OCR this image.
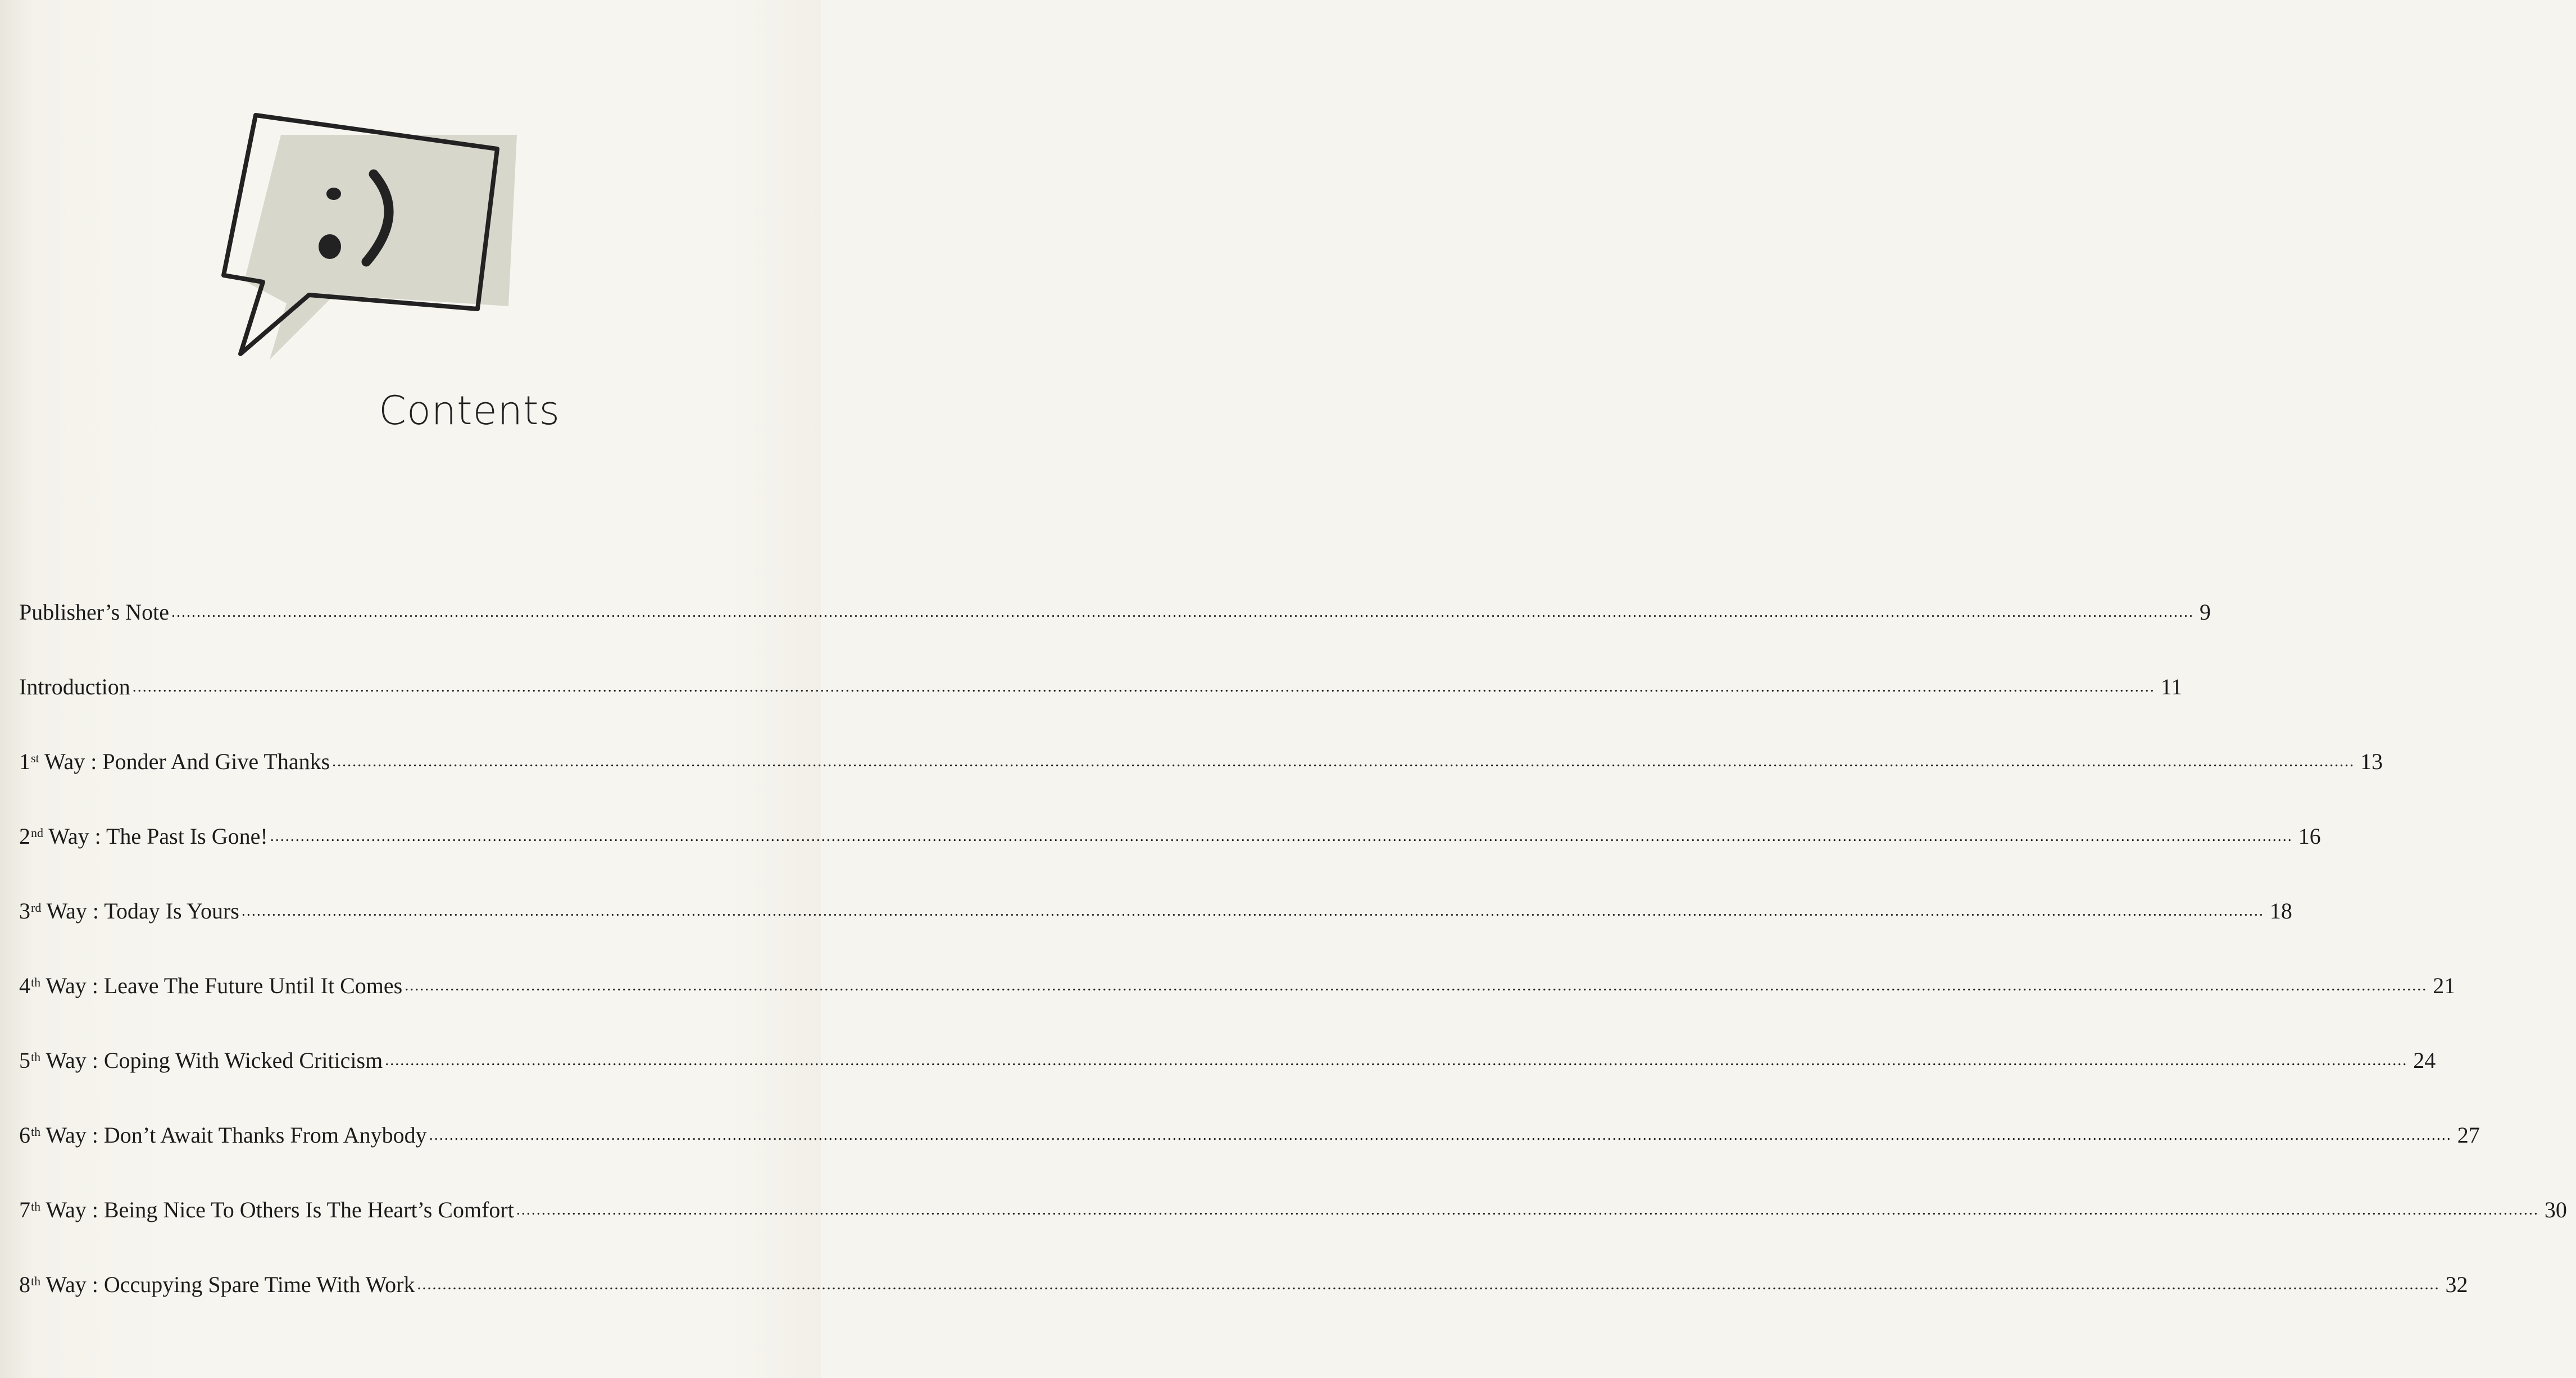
Contents
Publisher’s Note ................................................................................................................................................................................................................................................................................................................................................................................................................ 9
Introduction ................................................................................................................................................................................................................................................................................................................................................................................................................ 11
1st Way : Ponder And Give Thanks ................................................................................................................................................................................................................................................................................................................................................................................................................ 13
2nd Way : The Past Is Gone! ................................................................................................................................................................................................................................................................................................................................................................................................................ 16
3rd Way : Today Is Yours ................................................................................................................................................................................................................................................................................................................................................................................................................ 18
4th Way : Leave The Future Until It Comes ................................................................................................................................................................................................................................................................................................................................................................................................................ 21
5th Way : Coping With Wicked Criticism ................................................................................................................................................................................................................................................................................................................................................................................................................ 24
6th Way : Don’t Await Thanks From Anybody ................................................................................................................................................................................................................................................................................................................................................................................................................ 27
7th Way : Being Nice To Others Is The Heart’s Comfort ................................................................................................................................................................................................................................................................................................................................................................................................................ 30
8th Way : Occupying Spare Time With Work ................................................................................................................................................................................................................................................................................................................................................................................................................ 32
